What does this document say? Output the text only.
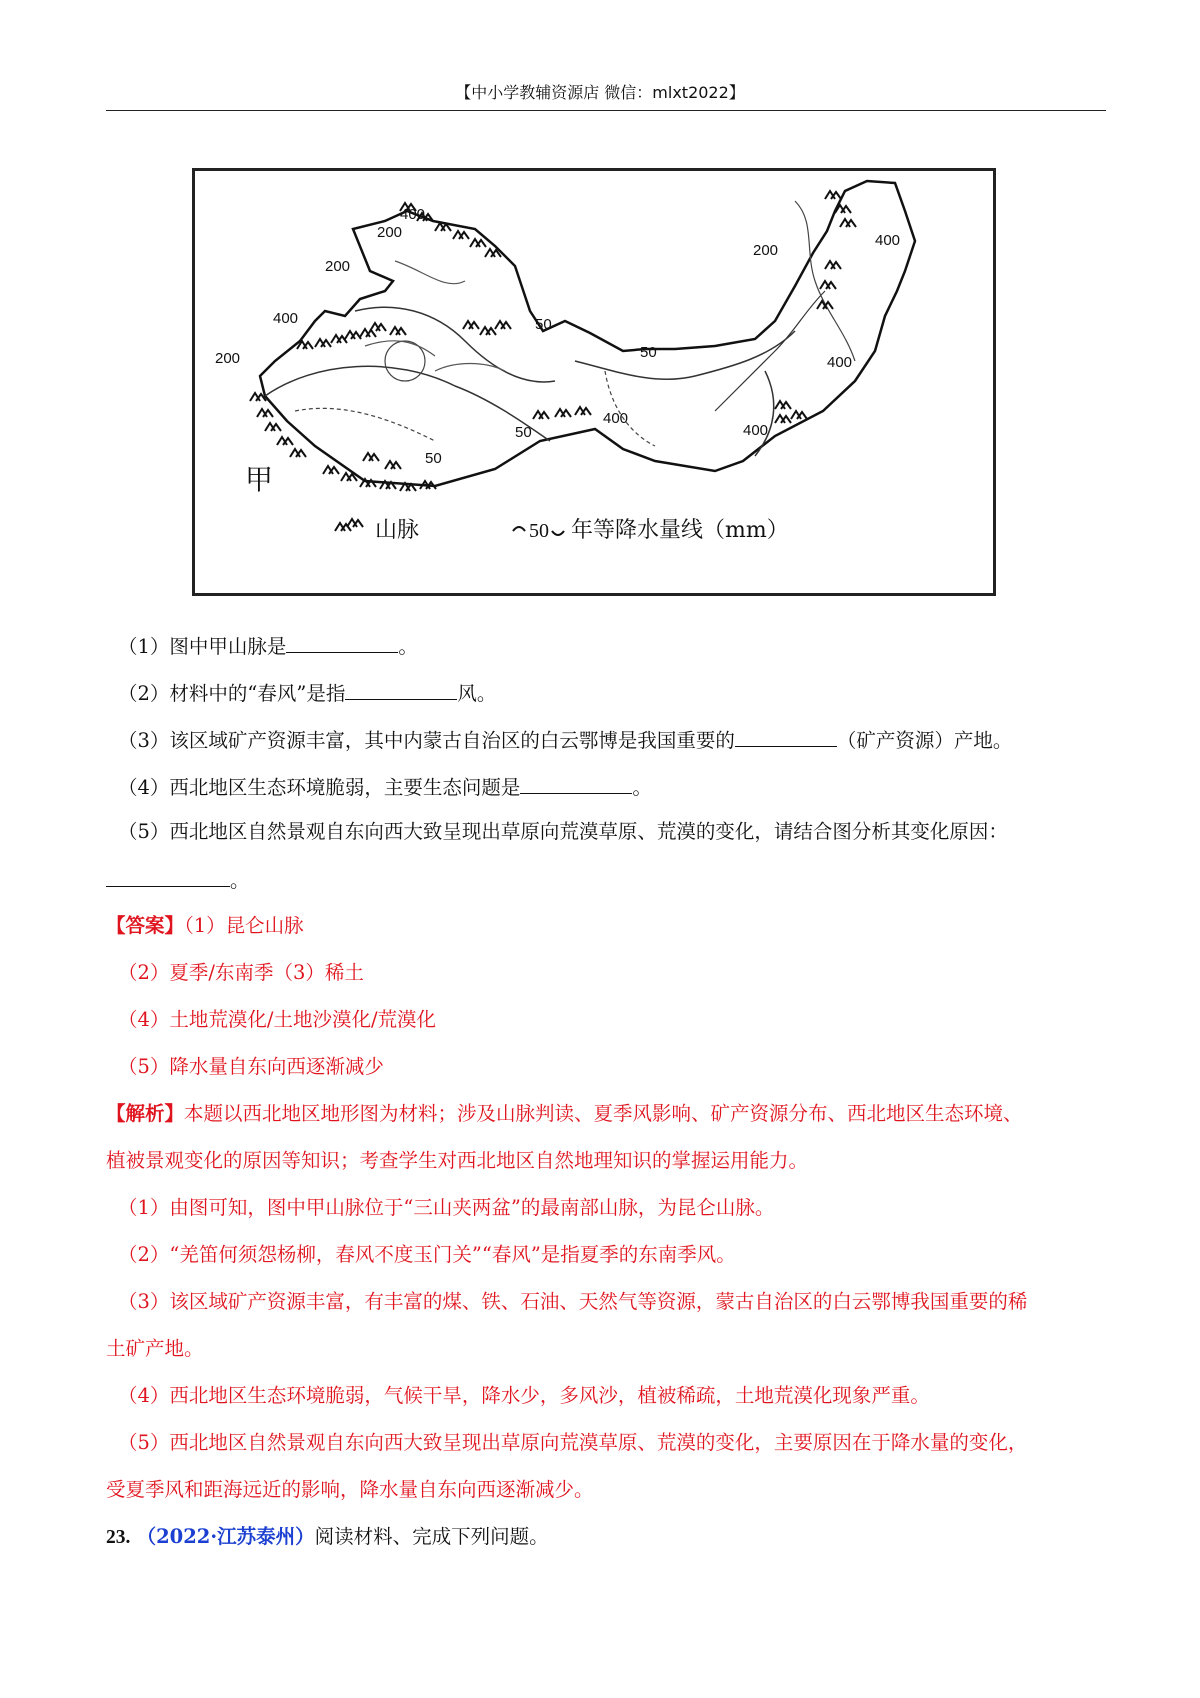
【中小学教辅资源店 微信：mlxt2022】
400
200
200
400
200
50
50
50
50
200
400
400
400
400
甲
山脉	50 年等降水量线（mm）
（1）图中甲山脉是	。
（2）材料中的“春风”是指	风。
（3）该区域矿产资源丰富，其中内蒙古自治区的白云鄂博是我国重要的	（矿产资源）产地。
（4）西北地区生态环境脆弱，主要生态问题是	。
（5）西北地区自然景观自东向西大致呈现出草原向荒漠草原、荒漠的变化，请结合图分析其变化原因：
。
【答案】（1）昆仑山脉
（2）夏季/东南季（3）稀土
（4）土地荒漠化/土地沙漠化/荒漠化
（5）降水量自东向西逐渐减少
【解析】本题以西北地区地形图为材料；涉及山脉判读、夏季风影响、矿产资源分布、西北地区生态环境、
植被景观变化的原因等知识；考查学生对西北地区自然地理知识的掌握运用能力。
（1）由图可知，图中甲山脉位于“三山夹两盆”的最南部山脉，为昆仑山脉。
（2）“羌笛何须怨杨柳，春风不度玉门关”“春风”是指夏季的东南季风。
（3）该区域矿产资源丰富，有丰富的煤、铁、石油、天然气等资源，蒙古自治区的白云鄂博我国重要的稀
土矿产地。
（4）西北地区生态环境脆弱，气候干旱，降水少，多风沙，植被稀疏，土地荒漠化现象严重。
（5）西北地区自然景观自东向西大致呈现出草原向荒漠草原、荒漠的变化，主要原因在于降水量的变化，
受夏季风和距海远近的影响，降水量自东向西逐渐减少。
23. （2022·江苏泰州）阅读材料、完成下列问题。
